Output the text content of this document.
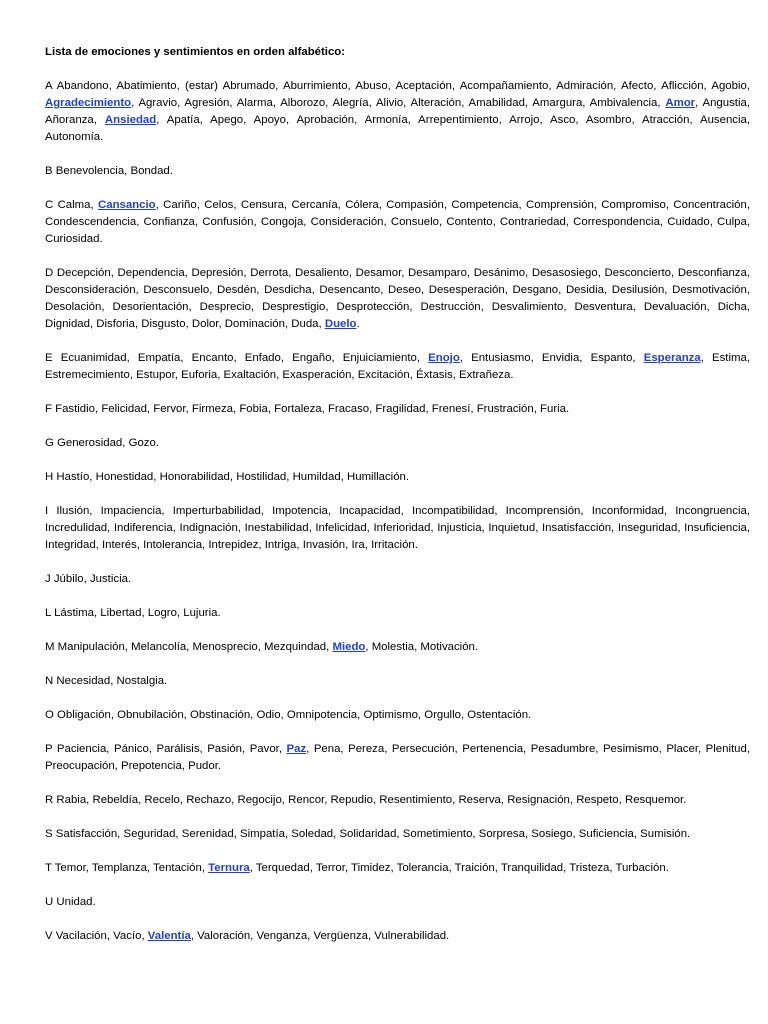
Lista de emociones y sentimientos en orden alfabético:
A Abandono, Abatimiento, (estar) Abrumado, Aburrimiento, Abuso, Aceptación, Acompañamiento, Admiración, Afecto, Aflicción, Agobio, Agradecimiento, Agravio, Agresión, Alarma, Alborozo, Alegría, Alivio, Alteración, Amabilidad, Amargura, Ambivalencia, Amor, Angustia, Añoranza, Ansiedad, Apatía, Apego, Apoyo, Aprobación, Armonía, Arrepentimiento, Arrojo, Asco, Asombro, Atracción, Ausencia, Autonomía.
B Benevolencia, Bondad.
C Calma, Cansancio, Cariño, Celos, Censura, Cercanía, Cólera, Compasión, Competencia, Comprensión, Compromiso, Concentración, Condescendencia, Confianza, Confusión, Congoja, Consideración, Consuelo, Contento, Contrariedad, Correspondencia, Cuidado, Culpa, Curiosidad.
D Decepción, Dependencia, Depresión, Derrota, Desaliento, Desamor, Desamparo, Desánimo, Desasosiego, Desconcierto, Desconfianza, Desconsideración, Desconsuelo, Desdén, Desdicha, Desencanto, Deseo, Desesperación, Desgano, Desidia, Desilusión, Desmotivación, Desolación, Desorientación, Desprecio, Desprestigio, Desprotección, Destrucción, Desvalimiento, Desventura, Devaluación, Dicha, Dignidad, Disforia, Disgusto, Dolor, Dominación, Duda, Duelo.
E Ecuanimidad, Empatía, Encanto, Enfado, Engaño, Enjuiciamiento, Enojo, Entusiasmo, Envidia, Espanto, Esperanza, Estima, Estremecimiento, Estupor, Euforia, Exaltación, Exasperación, Excitación, Éxtasis, Extrañeza.
F Fastidio, Felicidad, Fervor, Firmeza, Fobia, Fortaleza, Fracaso, Fragilidad, Frenesí, Frustración, Furia.
G Generosidad, Gozo.
H Hastío, Honestidad, Honorabilidad, Hostilidad, Humildad, Humillación.
I Ilusión, Impaciencia, Imperturbabilidad, Impotencia, Incapacidad, Incompatibilidad, Incomprensión, Inconformidad, Incongruencia, Incredulidad, Indiferencia, Indignación, Inestabilidad, Infelicidad, Inferioridad, Injusticia, Inquietud, Insatisfacción, Inseguridad, Insuficiencia, Integridad, Interés, Intolerancia, Intrepidez, Intriga, Invasión, Ira, Irritación.
J Júbilo, Justicia.
L Lástima, Libertad, Logro, Lujuria.
M Manipulación, Melancolía, Menosprecio, Mezquindad, Miedo, Molestia, Motivación.
N Necesidad, Nostalgia.
O Obligación, Obnubilación, Obstinación, Odio, Omnipotencia, Optimismo, Orgullo, Ostentación.
P Paciencia, Pánico, Parálisis, Pasión, Pavor, Paz, Pena, Pereza, Persecución, Pertenencia, Pesadumbre, Pesimismo, Placer, Plenitud, Preocupación, Prepotencia, Pudor.
R Rabia, Rebeldía, Recelo, Rechazo, Regocijo, Rencor, Repudio, Resentimiento, Reserva, Resignación, Respeto, Resquemor.
S Satisfacción, Seguridad, Serenidad, Simpatía, Soledad, Solidaridad, Sometimiento, Sorpresa, Sosiego, Suficiencia, Sumisión.
T Temor, Templanza, Tentación, Ternura, Terquedad, Terror, Timidez, Tolerancia, Traición, Tranquilidad, Tristeza, Turbación.
U Unidad.
V Vacilación, Vacío, Valentía, Valoración, Venganza, Vergüenza, Vulnerabilidad.
